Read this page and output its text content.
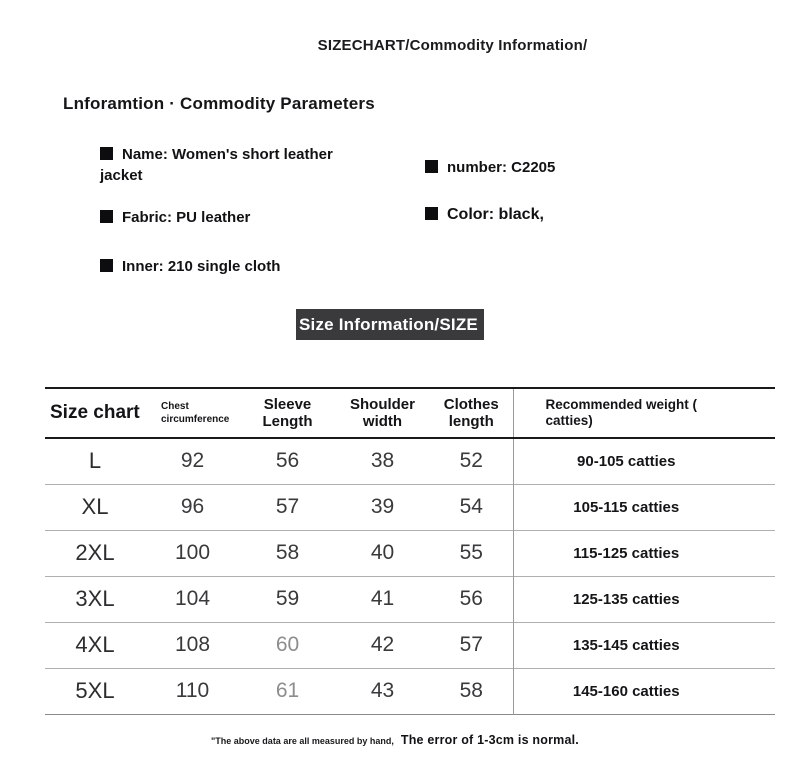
SIZECHART/Commodity Information/
Lnforamtion · Commodity Parameters
Name: Women's short leather jacket	number: C2205
Fabric: PU leather	Color: black,
Inner: 210 single cloth
Size Information/SIZE
Size chart	Chest circumference	Sleeve Length	Shoulder width	Clothes length	Recommended weight ( catties)
L	92	56	38	52	90-105 catties
XL	96	57	39	54	105-115 catties
2XL	100	58	40	55	115-125 catties
3XL	104	59	41	56	125-135 catties
4XL	108	60	42	57	135-145 catties
5XL	110	61	43	58	145-160 catties
"The above data are all measured by hand, The error of 1-3cm is normal.
